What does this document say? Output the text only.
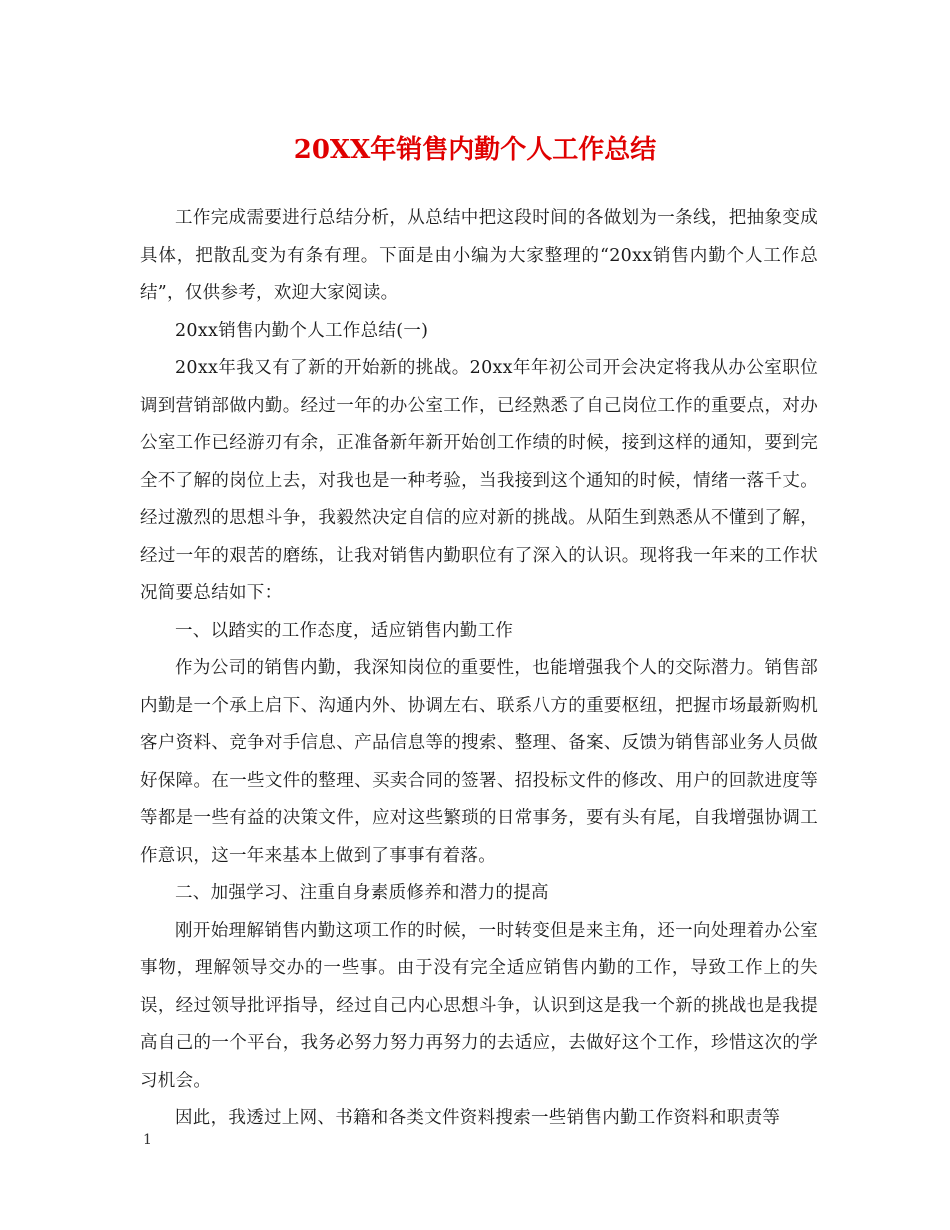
20XX年销售内勤个人工作总结

工作完成需要进行总结分析，从总结中把这段时间的各做划为一条线，把抽象变成具体，把散乱变为有条有理。下面是由小编为大家整理的“20xx销售内勤个人工作总结”，仅供参考，欢迎大家阅读。

20xx销售内勤个人工作总结(一)

20xx年我又有了新的开始新的挑战。20xx年年初公司开会决定将我从办公室职位调到营销部做内勤。经过一年的办公室工作，已经熟悉了自己岗位工作的重要点，对办公室工作已经游刃有余，正准备新年新开始创工作绩的时候，接到这样的通知，要到完全不了解的岗位上去，对我也是一种考验，当我接到这个通知的时候，情绪一落千丈。经过激烈的思想斗争，我毅然决定自信的应对新的挑战。从陌生到熟悉从不懂到了解，经过一年的艰苦的磨练，让我对销售内勤职位有了深入的认识。现将我一年来的工作状况简要总结如下：

一、以踏实的工作态度，适应销售内勤工作

作为公司的销售内勤，我深知岗位的重要性，也能增强我个人的交际潜力。销售部内勤是一个承上启下、沟通内外、协调左右、联系八方的重要枢纽，把握市场最新购机客户资料、竞争对手信息、产品信息等的搜索、整理、备案、反馈为销售部业务人员做好保障。在一些文件的整理、买卖合同的签署、招投标文件的修改、用户的回款进度等等都是一些有益的决策文件，应对这些繁琐的日常事务，要有头有尾，自我增强协调工作意识，这一年来基本上做到了事事有着落。

二、加强学习、注重自身素质修养和潜力的提高

刚开始理解销售内勤这项工作的时候，一时转变但是来主角，还一向处理着办公室事物，理解领导交办的一些事。由于没有完全适应销售内勤的工作，导致工作上的失误，经过领导批评指导，经过自己内心思想斗争，认识到这是我一个新的挑战也是我提高自己的一个平台，我务必努力努力再努力的去适应，去做好这个工作，珍惜这次的学习机会。

因此，我透过上网、书籍和各类文件资料搜索一些销售内勤工作资料和职责等

1
